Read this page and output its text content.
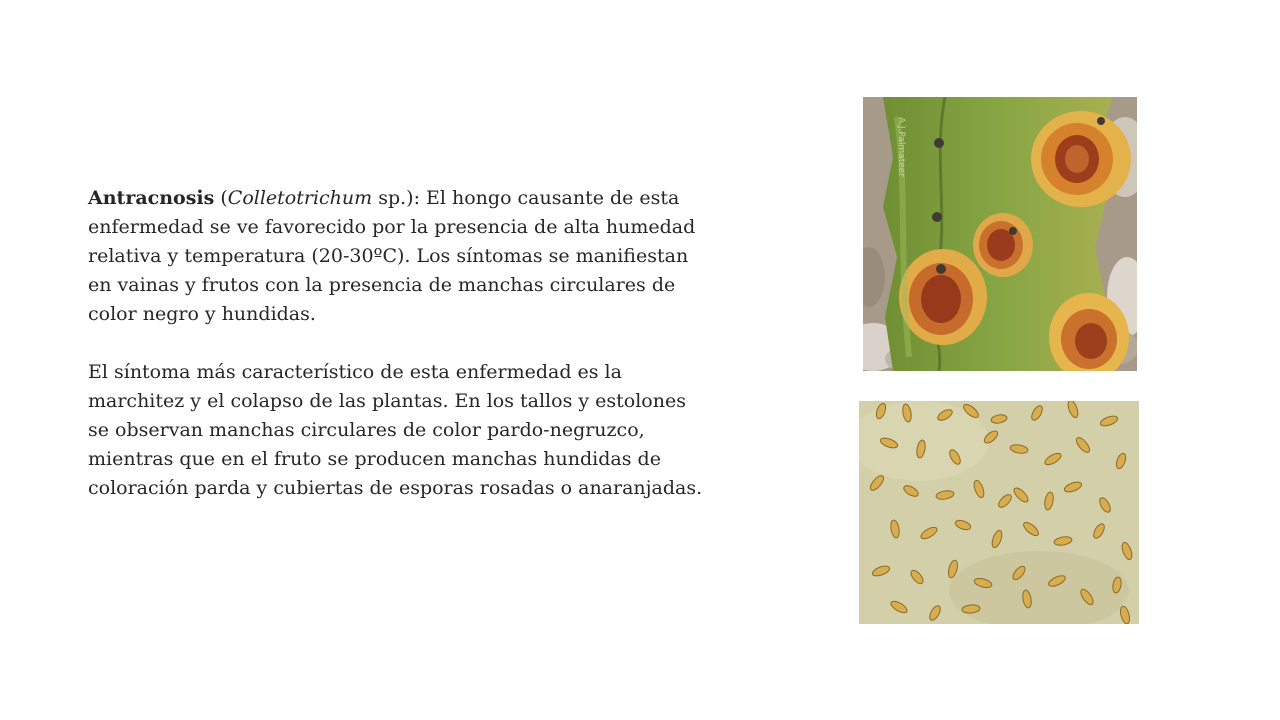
Antracnosis (Colletotrichum sp.): El hongo causante de esta enfermedad se ve favorecido por la presencia de alta humedad relativa y temperatura (20-30ºC). Los síntomas se manifiestan en vainas y frutos con la presencia de manchas circulares de color negro y hundidas.

El síntoma más característico de esta enfermedad es la marchitez y el colapso de las plantas. En los tallos y estolones se observan manchas circulares de color pardo-negruzco, mientras que en el fruto se producen manchas hundidas de coloración parda y cubiertas de esporas rosadas o anaranjadas.

A.J.Palmateer
